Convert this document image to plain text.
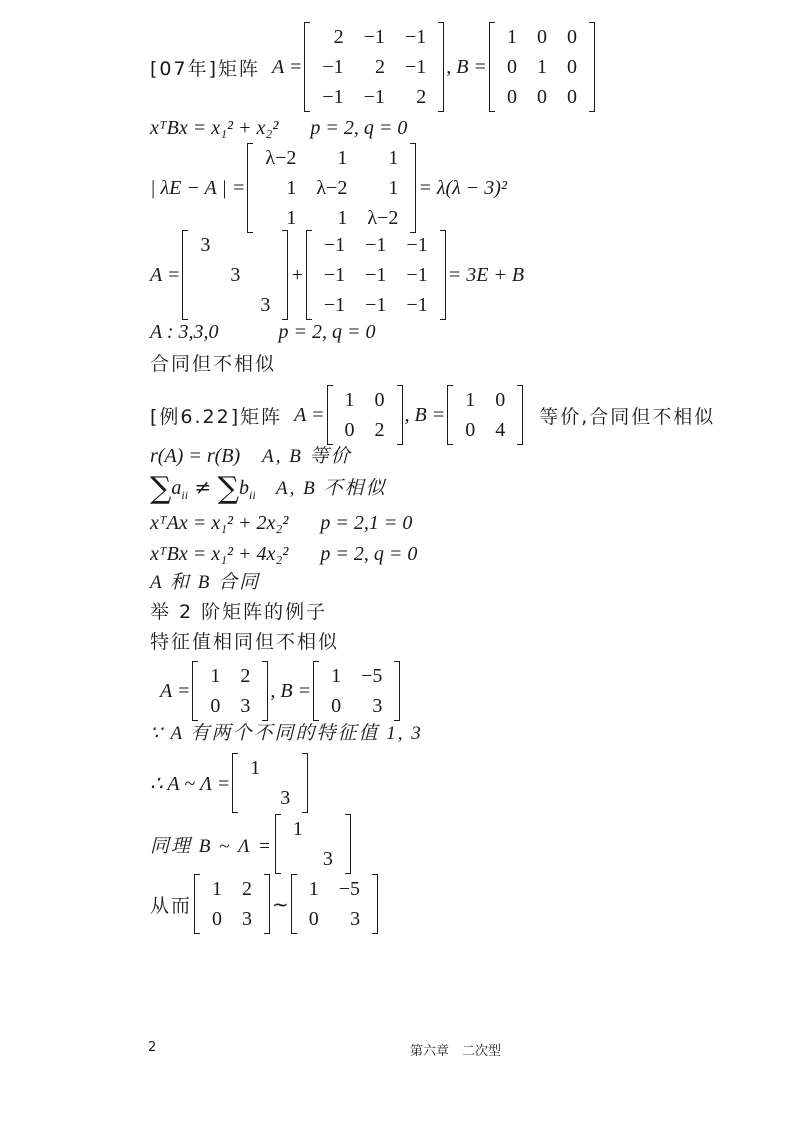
[07年]矩阵 A =
2	−1	−1
−1	2	−1
−1	−1	2
, B =
1	0	0
0	1	0
0	0	0
xᵀBx = x₁² + x₂² p = 2, q = 0
| λE − A | =
λ−2	1	1
1	λ−2	1
1	1	λ−2
= λ(λ − 3)²
A =
3		
	3	
		3
+
−1	−1	−1
−1	−1	−1
−1	−1	−1
= 3E + B
A : 3,3,0	p = 2, q = 0
合同但不相似
[例6.22]矩阵 A =
1	0
0	2
, B =
1	0
0	4
等价,合同但不相似
r(A) = r(B) A, B 等价
$\sum a_{ii} \ne \sum b_{ii}$ A, B 不相似
xᵀAx = x₁² + 2x₂² p = 2,1 = 0
xᵀBx = x₁² + 4x₂² p = 2, q = 0
A 和 B 合同
举 2 阶矩阵的例子
特征值相同但不相似
A =
1	2
0	3
, B =
1	−5
0	3
∵ A 有两个不同的特征值 1, 3
∴ A ~ Λ =
1	
	3
同理 B ~ Λ =
1	
	3
从而
1	2
0	3
~
1	−5
0	3
2	第六章　二次型
